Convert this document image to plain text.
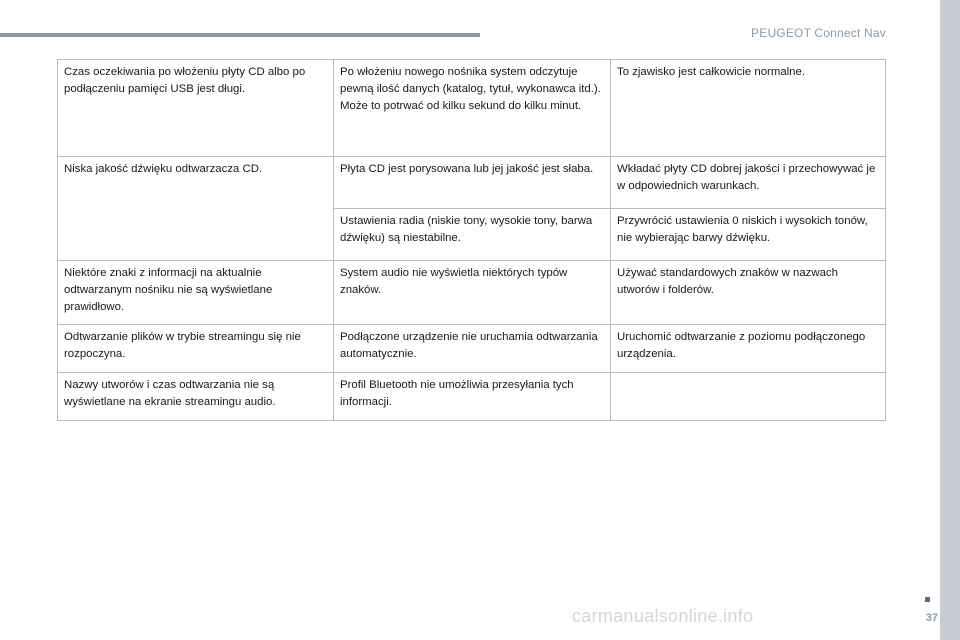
PEUGEOT Connect Nav
37
carmanualsonline.info
Czas oczekiwania po włożeniu płyty CD albo po podłączeniu pamięci USB jest długi.	Po włożeniu nowego nośnika system odczytuje pewną ilość danych (katalog, tytuł, wykonawca itd.). Może to potrwać od kilku sekund do kilku minut.	To zjawisko jest całkowicie normalne.
Niska jakość dźwięku odtwarzacza CD.	Płyta CD jest porysowana lub jej jakość jest słaba.	Wkładać płyty CD dobrej jakości i przechowywać je w odpowiednich warunkach.
	Ustawienia radia (niskie tony, wysokie tony, barwa dźwięku) są niestabilne.	Przywrócić ustawienia 0 niskich i wysokich tonów, nie wybierając barwy dźwięku.
Niektóre znaki z informacji na aktualnie odtwarzanym nośniku nie są wyświetlane prawidłowo.	System audio nie wyświetla niektórych typów znaków.	Używać standardowych znaków w nazwach utworów i folderów.
Odtwarzanie plików w trybie streamingu się nie rozpoczyna.	Podłączone urządzenie nie uruchamia odtwarzania automatycznie.	Uruchomić odtwarzanie z poziomu podłączonego urządzenia.
Nazwy utworów i czas odtwarzania nie są wyświetlane na ekranie streamingu audio.	Profil Bluetooth nie umożliwia przesyłania tych informacji.	
